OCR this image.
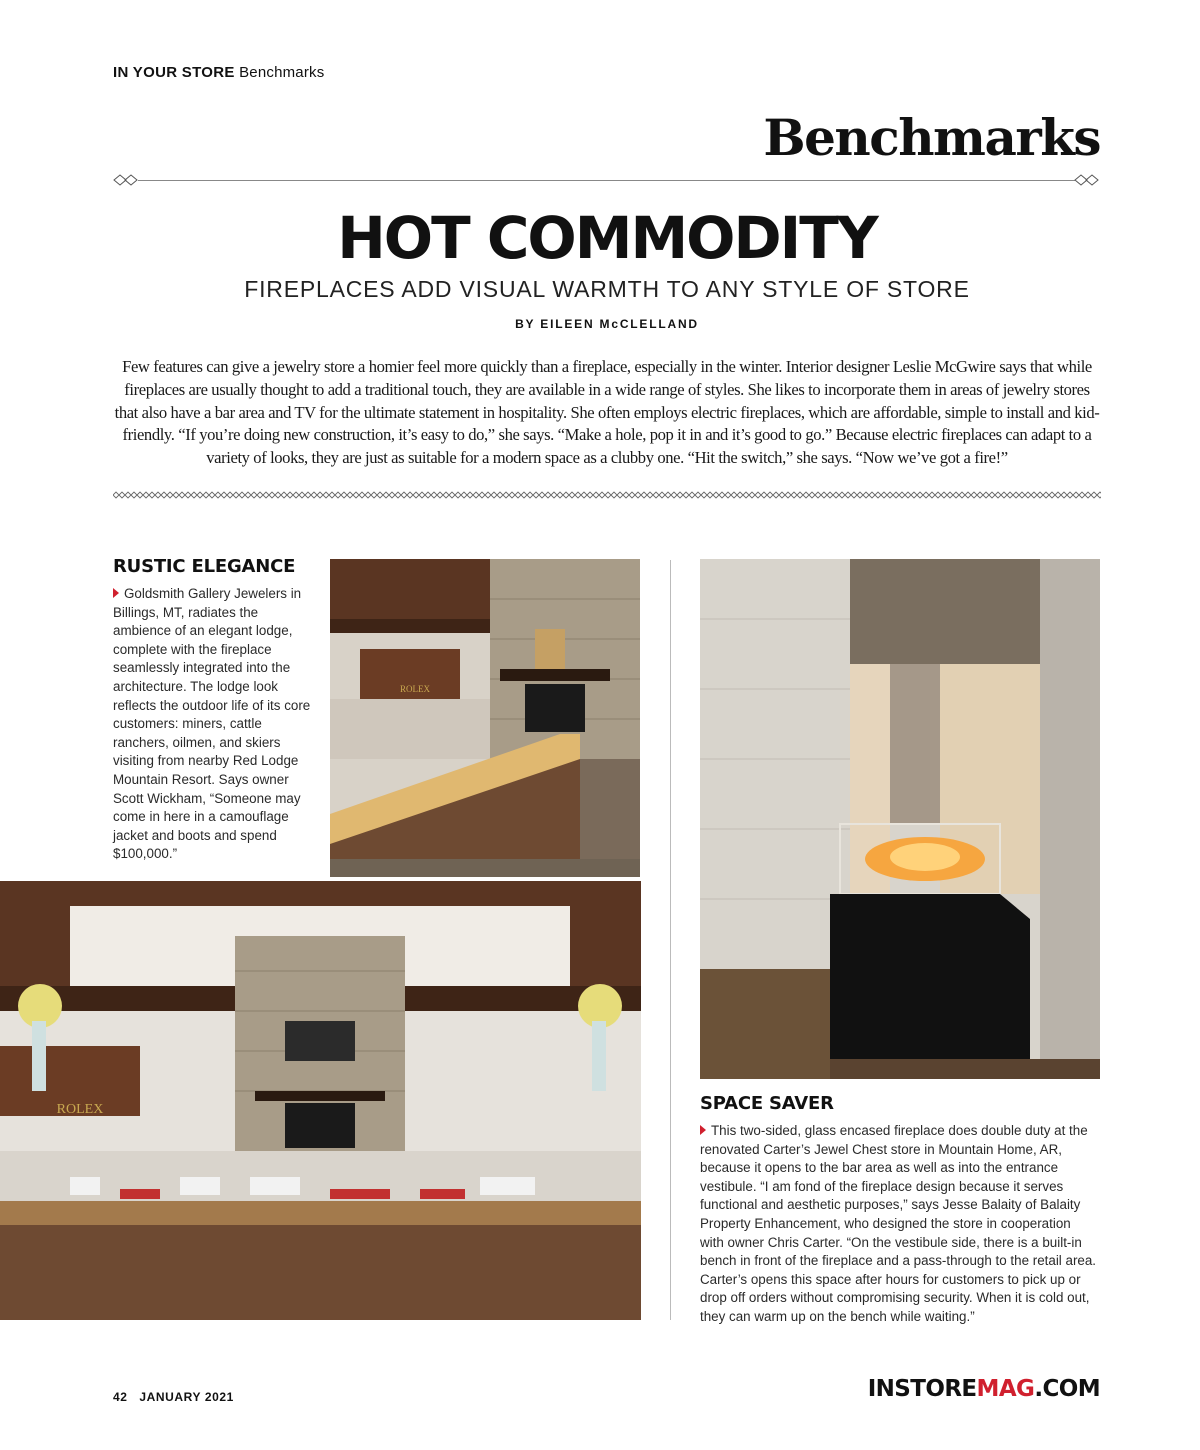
IN YOUR STORE Benchmarks
Benchmarks
HOT COMMODITY
FIREPLACES ADD VISUAL WARMTH TO ANY STYLE OF STORE
BY EILEEN McCLELLAND
Few features can give a jewelry store a homier feel more quickly than a fireplace, especially in the winter. Interior designer Leslie McGwire says that while fireplaces are usually thought to add a traditional touch, they are available in a wide range of styles. She likes to incorporate them in areas of jewelry stores that also have a bar area and TV for the ultimate statement in hospitality. She often employs electric fireplaces, which are affordable, simple to install and kid-friendly. “If you’re doing new construction, it’s easy to do,” she says. “Make a hole, pop it in and it’s good to go.” Because electric fireplaces can adapt to a variety of looks, they are just as suitable for a modern space as a clubby one. “Hit the switch,” she says. “Now we’ve got a fire!”
RUSTIC ELEGANCE
Goldsmith Gallery Jewelers in Billings, MT, radiates the ambience of an elegant lodge, complete with the fireplace seamlessly integrated into the architecture. The lodge look reflects the outdoor life of its core customers: miners, cattle ranchers, oilmen, and skiers visiting from nearby Red Lodge Mountain Resort. Says owner Scott Wickham, “Someone may come in here in a camouflage jacket and boots and spend $100,000.”
ROLEX
ROLEX	SPACE SAVER
This two-sided, glass encased fireplace does double duty at the renovated Carter’s Jewel Chest store in Mountain Home, AR, because it opens to the bar area as well as into the entrance vestibule. “I am fond of the fireplace design because it serves functional and aesthetic purposes,” says Jesse Balaity of Balaity Property Enhancement, who designed the store in cooperation with owner Chris Carter. “On the vestibule side, there is a built-in bench in front of the fireplace and a pass-through to the retail area. Carter’s opens this space after hours for customers to pick up or drop off orders without compromising security. When it is cold out, they can warm up on the bench while waiting.”
42   JANUARY 2021	INSTOREMAG.COM
